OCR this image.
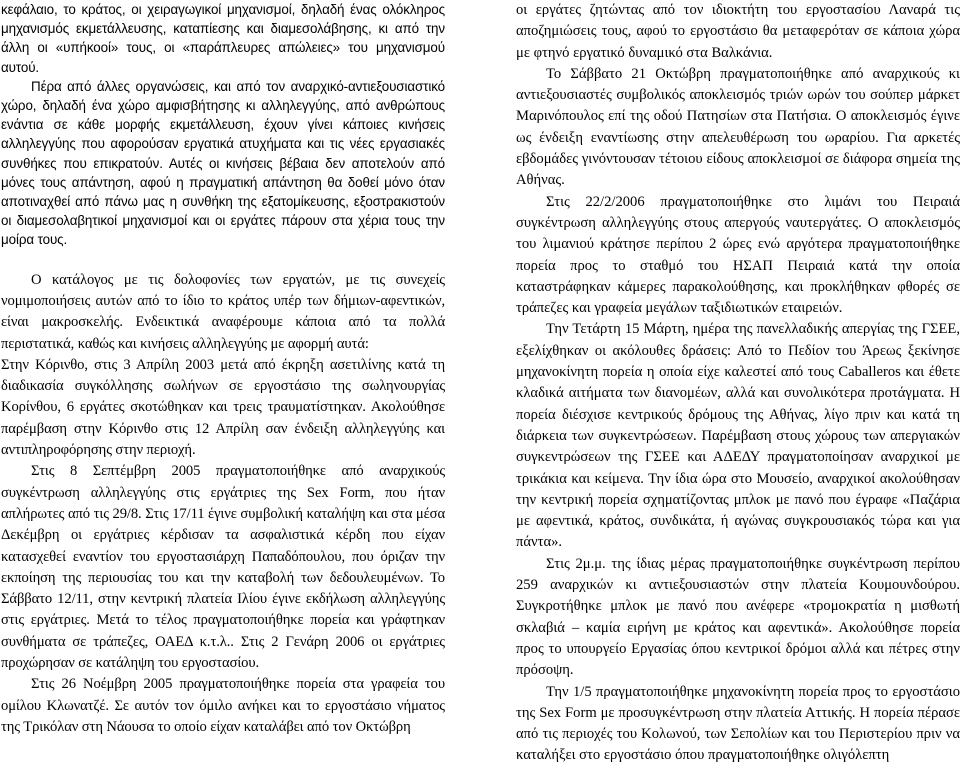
κεφάλαιο, το κράτος, οι χειραγωγικοί μηχανισμοί, δηλαδή ένας ολόκληρος μηχανισμός εκμετάλλευσης, καταπίεσης και διαμεσολάβησης, κι από την άλλη οι «υπήκοοί» τους, οι «παράπλευρες απώλειες» του μηχανισμού αυτού.

Πέρα από άλλες οργανώσεις, και από τον αναρχικό-αντιεξουσιαστικό χώρο, δηλαδή ένα χώρο αμφισβήτησης κι αλληλεγγύης, από ανθρώπους ενάντια σε κάθε μορφής εκμετάλλευση, έχουν γίνει κάποιες κινήσεις αλληλεγγύης που αφορούσαν εργατικά ατυχήματα και τις νέες εργασιακές συνθήκες που επικρατούν. Αυτές οι κινήσεις βέβαια δεν αποτελούν από μόνες τους απάντηση, αφού η πραγματική απάντηση θα δοθεί μόνο όταν αποτιναχθεί από πάνω μας η συνθήκη της εξατομίκευσης, εξοστρακιστούν οι διαμεσολαβητικοί μηχανισμοί και οι εργάτες πάρουν στα χέρια τους την μοίρα τους.

Ο κατάλογος με τις δολοφονίες των εργατών, με τις συνεχείς νομιμοποιήσεις αυτών από το ίδιο το κράτος υπέρ των δήμιων-αφεντικών, είναι μακροσκελής. Ενδεικτικά αναφέρουμε κάποια από τα πολλά περιστατικά, καθώς και κινήσεις αλληλεγγύης με αφορμή αυτά:

Στην Κόρινθο, στις 3 Απρίλη 2003 μετά από έκρηξη ασετιλίνης κατά τη διαδικασία συγκόλλησης σωλήνων σε εργοστάσιο της σωληνουργίας Κορίνθου, 6 εργάτες σκοτώθηκαν και τρεις τραυματίστηκαν. Ακολούθησε παρέμβαση στην Κόρινθο στις 12 Απρίλη σαν ένδειξη αλληλεγγύης και αντιπληροφόρησης στην περιοχή.

Στις 8 Σεπτέμβρη 2005 πραγματοποιήθηκε από αναρχικούς συγκέντρωση αλληλεγγύης στις εργάτριες της Sex Form, που ήταν απλήρωτες από τις 29/8. Στις 17/11 έγινε συμβολική καταλήψη και στα μέσα Δεκέμβρη οι εργάτριες κέρδισαν τα ασφαλιστικά κέρδη που είχαν κατασχεθεί εναντίον του εργοστασιάρχη Παπαδόπουλου, που όριζαν την εκποίηση της περιουσίας του και την καταβολή των δεδουλευμένων. Το Σάββατο 12/11, στην κεντρική πλατεία Ιλίου έγινε εκδήλωση αλληλεγγύης στις εργάτριες. Μετά το τέλος πραγματοποιήθηκε πορεία και γράφτηκαν συνθήματα σε τράπεζες, ΟΑΕΔ κ.τ.λ.. Στις 2 Γενάρη 2006 οι εργάτριες προχώρησαν σε κατάληψη του εργοστασίου.

Στις 26 Νοέμβρη 2005 πραγματοποιήθηκε πορεία στα γραφεία του ομίλου Κλωνατζέ. Σε αυτόν τον όμιλο ανήκει και το εργοστάσιο νήματος της Τρικόλαν στη Νάουσα το οποίο είχαν καταλάβει από τον Οκτώβρη

οι εργάτες ζητώντας από τον ιδιοκτήτη του εργοστασίου Λαναρά τις αποζημιώσεις τους, αφού το εργοστάσιο θα μεταφερόταν σε κάποια χώρα με φτηνό εργατικό δυναμικό στα Βαλκάνια.

Το Σάββατο 21 Οκτώβρη πραγματοποιήθηκε από αναρχικούς κι αντιεξουσιαστές συμβολικός αποκλεισμός τριών ωρών του σούπερ μάρκετ Μαρινόπουλος επί της οδού Πατησίων στα Πατήσια. Ο αποκλεισμός έγινε ως ένδειξη εναντίωσης στην απελευθέρωση του ωραρίου. Για αρκετές εβδομάδες γινόντουσαν τέτοιου είδους αποκλεισμοί σε διάφορα σημεία της Αθήνας.

Στις 22/2/2006 πραγματοποιήθηκε στο λιμάνι του Πειραιά συγκέντρωση αλληλεγγύης στους απεργούς ναυτεργάτες. Ο αποκλεισμός του λιμανιού κράτησε περίπου 2 ώρες ενώ αργότερα πραγματοποιήθηκε πορεία προς το σταθμό του ΗΣΑΠ Πειραιά κατά την οποία καταστράφηκαν κάμερες παρακολούθησης, και προκλήθηκαν φθορές σε τράπεζες και γραφεία μεγάλων ταξιδιωτικών εταιρειών.

Την Τετάρτη 15 Μάρτη, ημέρα της πανελλαδικής απεργίας της ΓΣΕΕ, εξελίχθηκαν οι ακόλουθες δράσεις: Από το Πεδίον του Άρεως ξεκίνησε μηχανοκίνητη πορεία η οποία είχε καλεστεί από τους Caballeros και έθετε κλαδικά αιτήματα των διανομέων, αλλά και συνολικότερα προτάγματα. Η πορεία διέσχισε κεντρικούς δρόμους της Αθήνας, λίγο πριν και κατά τη διάρκεια των συγκεντρώσεων. Παρέμβαση στους χώρους των απεργιακών συγκεντρώσεων της ΓΣΕΕ και ΑΔΕΔΥ πραγματοποίησαν αναρχικοί με τρικάκια και κείμενα. Την ίδια ώρα στο Μουσείο, αναρχικοί ακολούθησαν την κεντρική πορεία σχηματίζοντας μπλοκ με πανό που έγραφε «Παζάρια με αφεντικά, κράτος, συνδικάτα, ή αγώνας συγκρουσιακός τώρα και για πάντα».

Στις 2μ.μ. της ίδιας μέρας πραγματοποιήθηκε συγκέντρωση περίπου 259 αναρχικών κι αντιεξουσιαστών στην πλατεία Κουμουνδούρου. Συγκροτήθηκε μπλοκ με πανό που ανέφερε «τρομοκρατία η μισθωτή σκλαβιά – καμία ειρήνη με κράτος και αφεντικά». Ακολούθησε πορεία προς το υπουργείο Εργασίας όπου κεντρικοί δρόμοι αλλά και πέτρες στην πρόσοψη.

Την 1/5 πραγματοποιήθηκε μηχανοκίνητη πορεία προς το εργοστάσιο της Sex Form με προσυγκέντρωση στην πλατεία Αττικής. Η πορεία πέρασε από τις περιοχές του Κολωνού, των Σεπολίων και του Περιστερίου πριν να καταλήξει στο εργοστάσιο όπου πραγματοποιήθηκε ολιγόλεπτη
